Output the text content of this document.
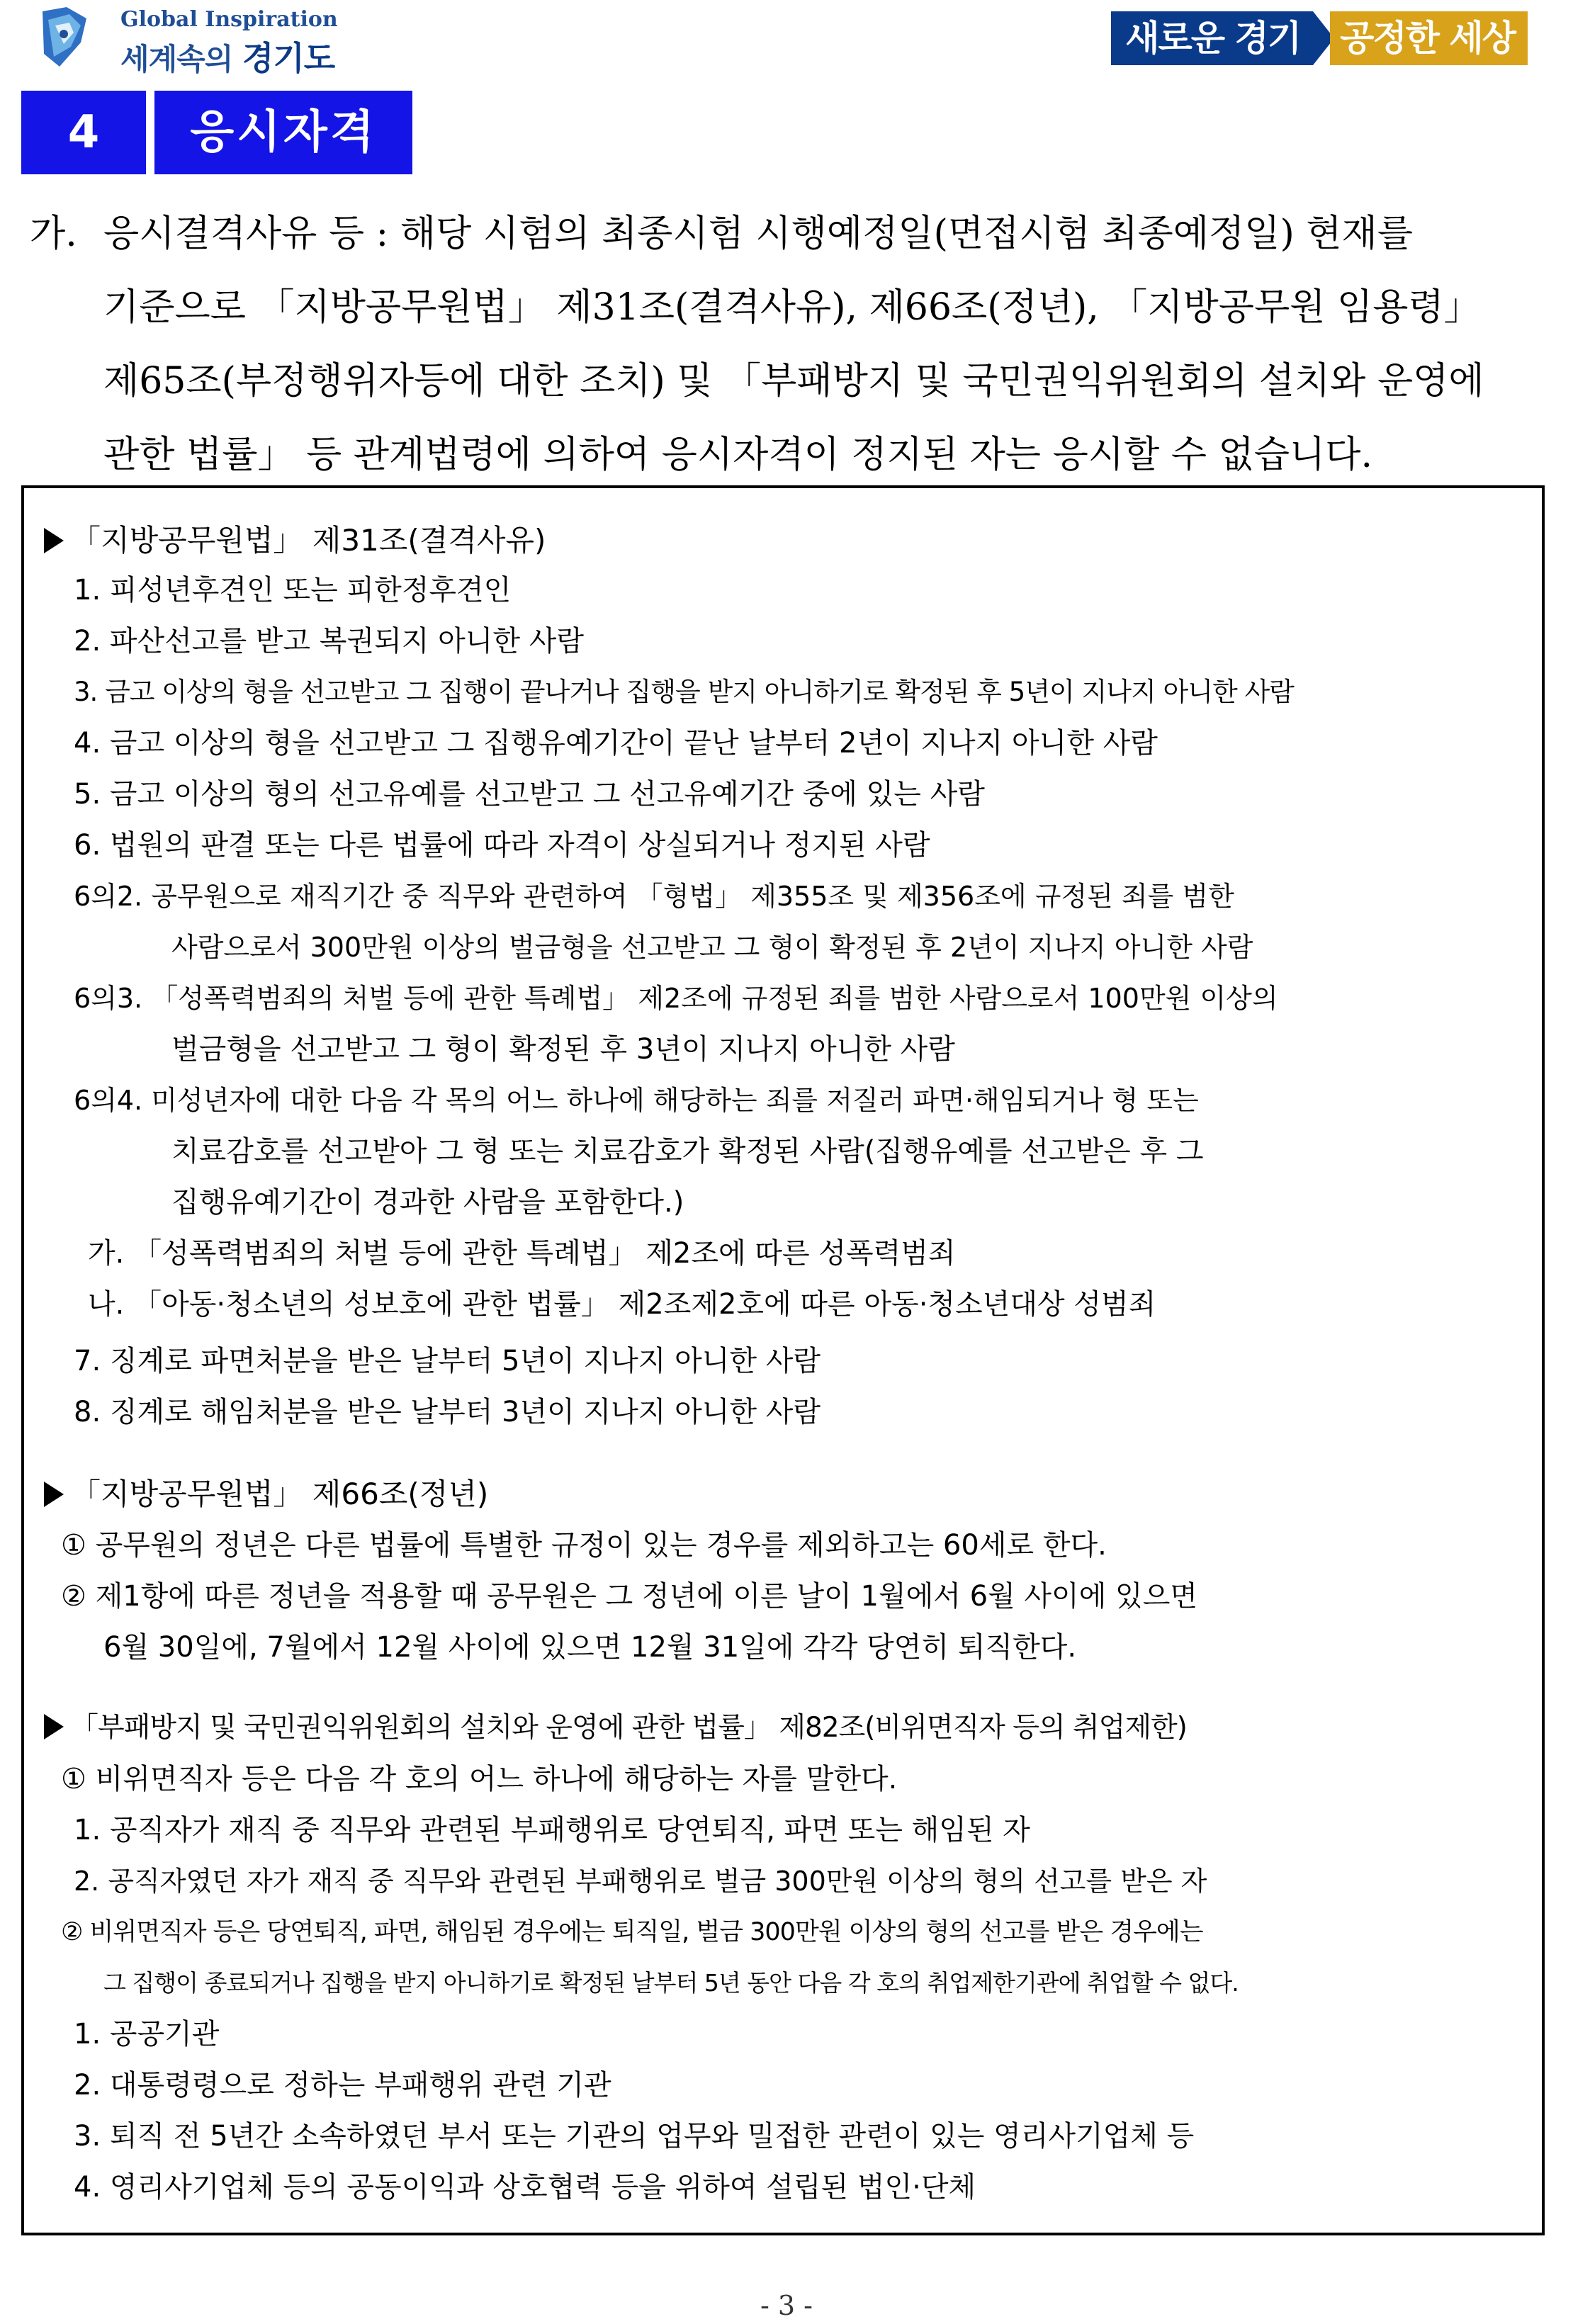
Global Inspiration
세계속의 경기도	새로운 경기	공정한 세상
4	응시자격
가. 응시결격사유 등 : 해당 시험의 최종시험 시행예정일(면접시험 최종예정일) 현재를
기준으로 「지방공무원법」 제31조(결격사유), 제66조(정년), 「지방공무원 임용령」
제65조(부정행위자등에 대한 조치) 및 「부패방지 및 국민권익위원회의 설치와 운영에
관한 법률」 등 관계법령에 의하여 응시자격이 정지된 자는 응시할 수 없습니다.
「지방공무원법」 제31조(결격사유)
1. 피성년후견인 또는 피한정후견인
2. 파산선고를 받고 복권되지 아니한 사람
3. 금고 이상의 형을 선고받고 그 집행이 끝나거나 집행을 받지 아니하기로 확정된 후 5년이 지나지 아니한 사람
4. 금고 이상의 형을 선고받고 그 집행유예기간이 끝난 날부터 2년이 지나지 아니한 사람
5. 금고 이상의 형의 선고유예를 선고받고 그 선고유예기간 중에 있는 사람
6. 법원의 판결 또는 다른 법률에 따라 자격이 상실되거나 정지된 사람
6의2. 공무원으로 재직기간 중 직무와 관련하여 「형법」 제355조 및 제356조에 규정된 죄를 범한
사람으로서 300만원 이상의 벌금형을 선고받고 그 형이 확정된 후 2년이 지나지 아니한 사람
6의3. 「성폭력범죄의 처벌 등에 관한 특례법」 제2조에 규정된 죄를 범한 사람으로서 100만원 이상의
벌금형을 선고받고 그 형이 확정된 후 3년이 지나지 아니한 사람
6의4. 미성년자에 대한 다음 각 목의 어느 하나에 해당하는 죄를 저질러 파면·해임되거나 형 또는
치료감호를 선고받아 그 형 또는 치료감호가 확정된 사람(집행유예를 선고받은 후 그
집행유예기간이 경과한 사람을 포함한다.)
가. 「성폭력범죄의 처벌 등에 관한 특례법」 제2조에 따른 성폭력범죄
나. 「아동·청소년의 성보호에 관한 법률」 제2조제2호에 따른 아동·청소년대상 성범죄
7. 징계로 파면처분을 받은 날부터 5년이 지나지 아니한 사람
8. 징계로 해임처분을 받은 날부터 3년이 지나지 아니한 사람
「지방공무원법」 제66조(정년)
① 공무원의 정년은 다른 법률에 특별한 규정이 있는 경우를 제외하고는 60세로 한다.
② 제1항에 따른 정년을 적용할 때 공무원은 그 정년에 이른 날이 1월에서 6월 사이에 있으면
6월 30일에, 7월에서 12월 사이에 있으면 12월 31일에 각각 당연히 퇴직한다.
「부패방지 및 국민권익위원회의 설치와 운영에 관한 법률」 제82조(비위면직자 등의 취업제한)
① 비위면직자 등은 다음 각 호의 어느 하나에 해당하는 자를 말한다.
1. 공직자가 재직 중 직무와 관련된 부패행위로 당연퇴직, 파면 또는 해임된 자
2. 공직자였던 자가 재직 중 직무와 관련된 부패행위로 벌금 300만원 이상의 형의 선고를 받은 자
② 비위면직자 등은 당연퇴직, 파면, 해임된 경우에는 퇴직일, 벌금 300만원 이상의 형의 선고를 받은 경우에는
그 집행이 종료되거나 집행을 받지 아니하기로 확정된 날부터 5년 동안 다음 각 호의 취업제한기관에 취업할 수 없다.
1. 공공기관
2. 대통령령으로 정하는 부패행위 관련 기관
3. 퇴직 전 5년간 소속하였던 부서 또는 기관의 업무와 밀접한 관련이 있는 영리사기업체 등
4. 영리사기업체 등의 공동이익과 상호협력 등을 위하여 설립된 법인·단체
- 3 -
